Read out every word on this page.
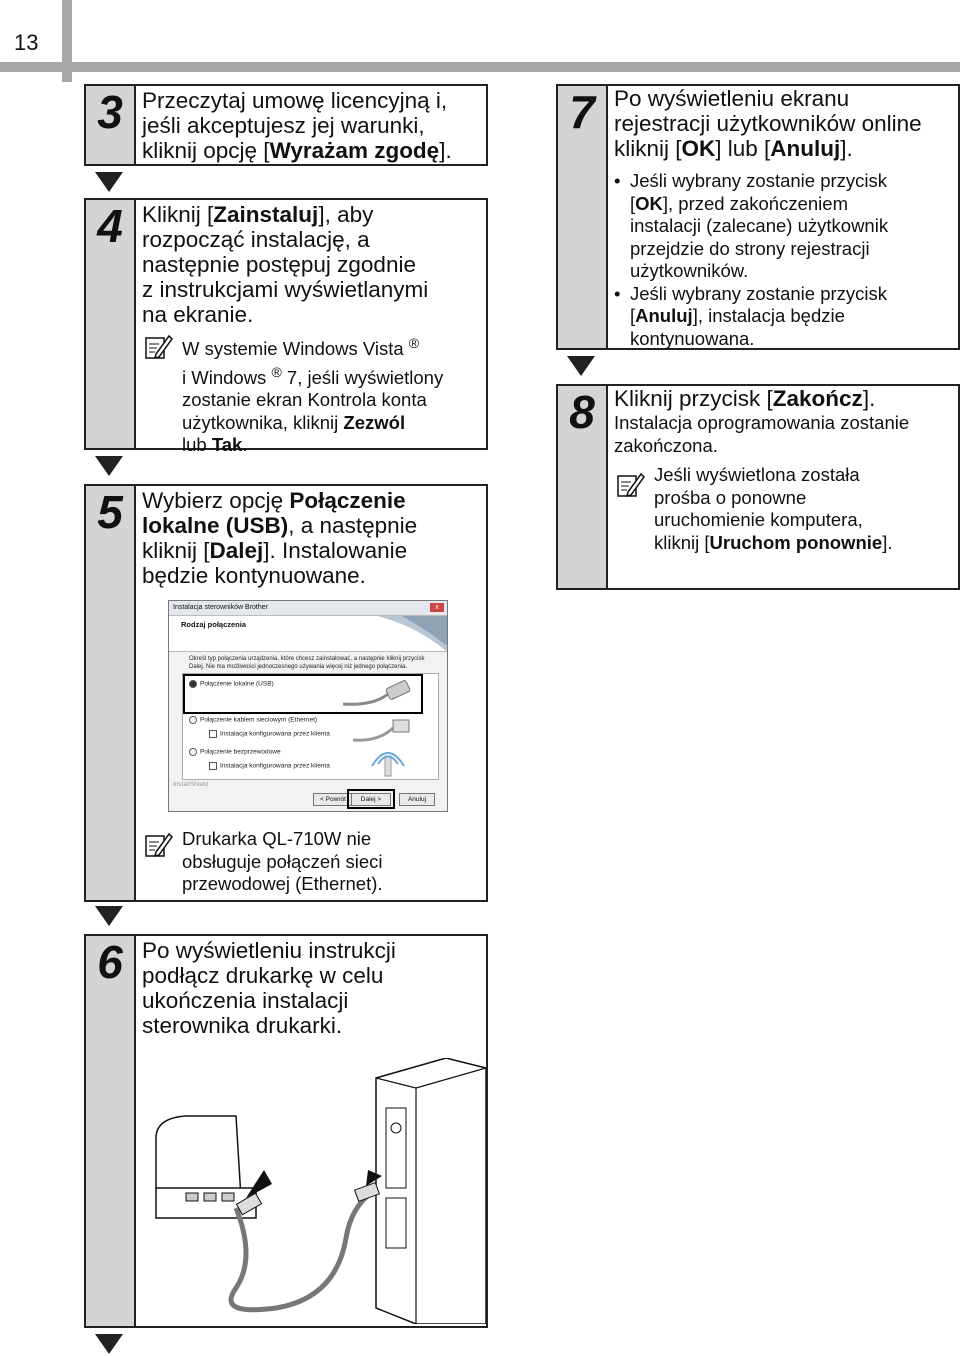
13
3 Przeczytaj umowę licencyjną i,
jeśli akceptujesz jej warunki,
kliknij opcję [Wyrażam zgodę].
4 Kliknij [Zainstaluj], aby
rozpocząć instalację, a
następnie postępuj zgodnie
z instrukcjami wyświetlanymi
na ekranie.
W systemie Windows Vista ®
i Windows ® 7, jeśli wyświetlony
zostanie ekran Kontrola konta
użytkownika, kliknij Zezwól
lub Tak.
5 Wybierz opcję Połączenie
lokalne (USB), a następnie
kliknij [Dalej]. Instalowanie
będzie kontynuowane.
Drukarka QL-710W nie
obsługuje połączeń sieci
przewodowej (Ethernet).
Instalacja sterowników Brother	x
Rodzaj połączenia
Określ typ połączenia urządzenia, które chcesz zainstalować, a następnie kliknij przycisk
Dalej. Nie ma możliwości jednoczesnego używania więcej niż jednego połączenia.
Połączenie lokalne (USB)
Połączenie kablem sieciowym (Ethernet)
Instalacja konfigurowana przez klienta
Połączenie bezprzewodowe
Instalacja konfigurowana przez klienta
InstallShield
< Powrót	Dalej >	Anuluj
6 Po wyświetleniu instrukcji
podłącz drukarkę w celu
ukończenia instalacji
sterownika drukarki.
7 Po wyświetleniu ekranu
rejestracji użytkowników online
kliknij [OK] lub [Anuluj].
• Jeśli wybrany zostanie przycisk
[OK], przed zakończeniem
instalacji (zalecane) użytkownik
przejdzie do strony rejestracji
użytkowników.
• Jeśli wybrany zostanie przycisk
[Anuluj], instalacja będzie
kontynuowana.
8 Kliknij przycisk [Zakończ].
Instalacja oprogramowania zostanie
zakończona.
Jeśli wyświetlona została
prośba o ponowne
uruchomienie komputera,
kliknij [Uruchom ponownie].
